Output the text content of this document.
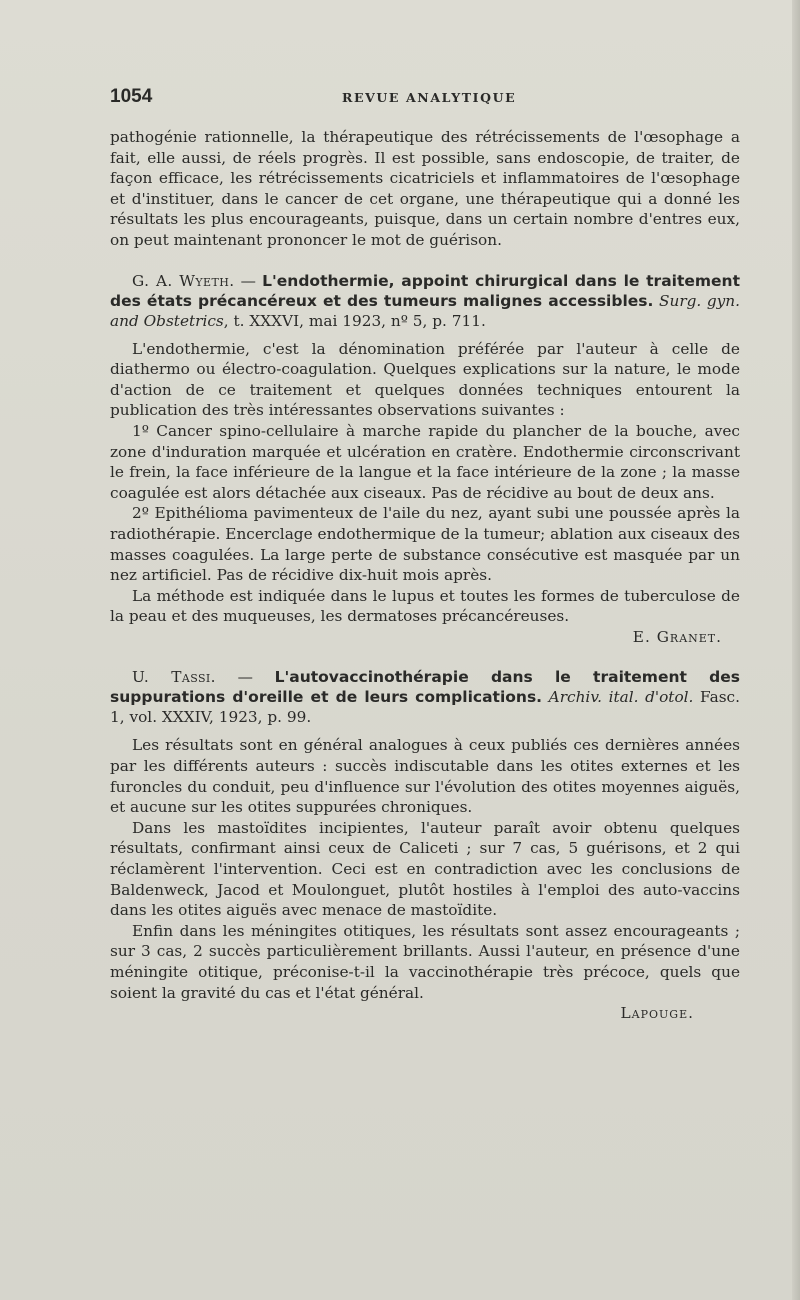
1054	REVUE ANALYTIQUE

pathogénie rationnelle, la thérapeutique des rétrécissements de l'œsophage a fait, elle aussi, de réels progrès. Il est possible, sans endoscopie, de traiter, de façon efficace, les rétrécissements cicatriciels et inflammatoires de l'œsophage et d'instituer, dans le cancer de cet organe, une thérapeutique qui a donné les résultats les plus encourageants, puisque, dans un certain nombre d'entres eux, on peut maintenant prononcer le mot de guérison.

G. A. Wyeth. — L'endothermie, appoint chirurgical dans le traitement des états précancéreux et des tumeurs malignes accessibles. Surg. gyn. and Obstetrics, t. XXXVI, mai 1923, nº 5, p. 711.

L'endothermie, c'est la dénomination préférée par l'auteur à celle de diathermo ou électro-coagulation. Quelques explications sur la nature, le mode d'action de ce traitement et quelques données techniques entourent la publication des très intéressantes observations suivantes :

1º Cancer spino-cellulaire à marche rapide du plancher de la bouche, avec zone d'induration marquée et ulcération en cratère. Endothermie circonscrivant le frein, la face inférieure de la langue et la face intérieure de la zone ; la masse coagulée est alors détachée aux ciseaux. Pas de récidive au bout de deux ans.

2º Epithélioma pavimenteux de l'aile du nez, ayant subi une poussée après la radiothérapie. Encerclage endothermique de la tumeur; ablation aux ciseaux des masses coagulées. La large perte de substance consécutive est masquée par un nez artificiel. Pas de récidive dix-huit mois après.

La méthode est indiquée dans le lupus et toutes les formes de tuberculose de la peau et des muqueuses, les dermatoses précancéreuses.

E. Granet.

U. Tassi. — L'autovaccinothérapie dans le traitement des suppurations d'oreille et de leurs complications. Archiv. ital. d'otol. Fasc. 1, vol. XXXIV, 1923, p. 99.

Les résultats sont en général analogues à ceux publiés ces dernières années par les différents auteurs : succès indiscutable dans les otites externes et les furoncles du conduit, peu d'influence sur l'évolution des otites moyennes aiguës, et aucune sur les otites suppurées chroniques.

Dans les mastoïdites incipientes, l'auteur paraît avoir obtenu quelques résultats, confirmant ainsi ceux de Caliceti ; sur 7 cas, 5 guérisons, et 2 qui réclamèrent l'intervention. Ceci est en contradiction avec les conclusions de Baldenweck, Jacod et Moulonguet, plutôt hostiles à l'emploi des auto-vaccins dans les otites aiguës avec menace de mastoïdite.

Enfin dans les méningites otitiques, les résultats sont assez encourageants ; sur 3 cas, 2 succès particulièrement brillants. Aussi l'auteur, en présence d'une méningite otitique, préconise-t-il la vaccinothérapie très précoce, quels que soient la gravité du cas et l'état général.

Lapouge.
